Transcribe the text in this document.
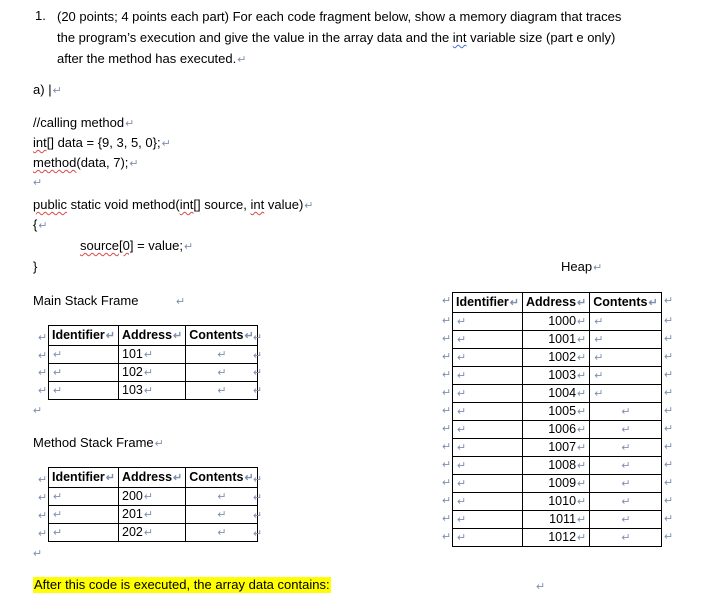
1. (20 points; 4 points each part) For each code fragment below, show a memory diagram that traces
the program’s execution and give the value in the array data and the int variable size (part e only)
after the method has executed.↵
a) |↵
//calling method↵
int[] data = {9, 3, 5, 0};↵
method(data, 7);↵
↵
public static void method(int[] source, int value)↵
{↵
source[0] = value;↵
}	Heap↵
Main Stack Frame	↵
↵
↵
↵
↵
Identifier↵	Address↵	Contents↵
↵	101↵	↵
↵	102↵	↵
↵	103↵	↵
↵
↵
↵
↵
↵
Method Stack Frame↵
↵
↵
↵
↵
Identifier↵	Address↵	Contents↵
↵	200↵	↵
↵	201↵	↵
↵	202↵	↵
↵
↵
↵
↵
↵
Identifier↵	Address↵	Contents↵
↵	1000↵	↵
↵	1001↵	↵
↵	1002↵	↵
↵	1003↵	↵
↵	1004↵	↵
↵	1005↵	↵
↵	1006↵	↵
↵	1007↵	↵
↵	1008↵	↵
↵	1009↵	↵
↵	1010↵	↵
↵	1011↵	↵
↵	1012↵	↵
↵	↵
↵	↵
↵	↵
↵	↵
↵	↵
↵	↵
↵	↵
↵	↵
↵	↵
↵	↵
↵	↵
↵	↵
↵	↵
↵	↵
After this code is executed, the array data contains:	↵
